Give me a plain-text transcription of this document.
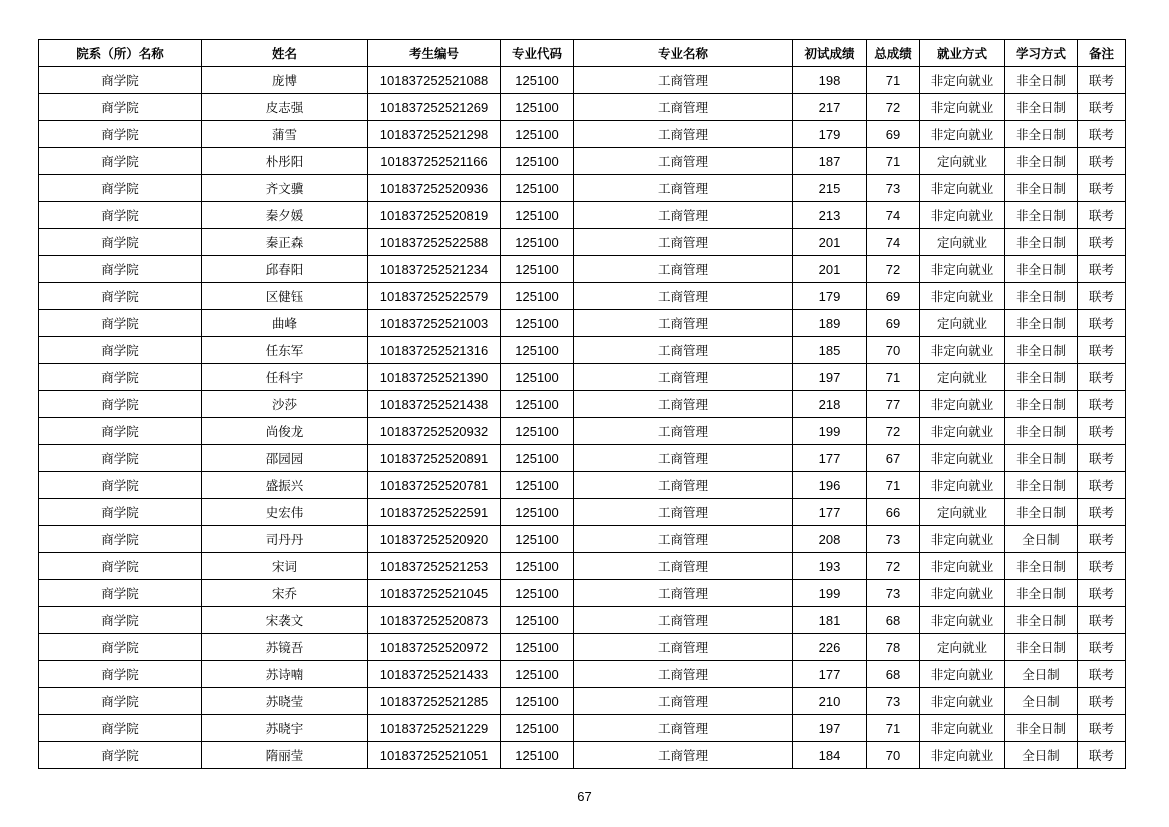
院系（所）名称	姓名	考生编号	专业代码	专业名称	初试成绩	总成绩	就业方式	学习方式	备注
商学院	庞博	101837252521088	125100	工商管理	198	71	非定向就业	非全日制	联考
商学院	皮志强	101837252521269	125100	工商管理	217	72	非定向就业	非全日制	联考
商学院	蒲雪	101837252521298	125100	工商管理	179	69	非定向就业	非全日制	联考
商学院	朴彤阳	101837252521166	125100	工商管理	187	71	定向就业	非全日制	联考
商学院	齐文骥	101837252520936	125100	工商管理	215	73	非定向就业	非全日制	联考
商学院	秦夕媛	101837252520819	125100	工商管理	213	74	非定向就业	非全日制	联考
商学院	秦正森	101837252522588	125100	工商管理	201	74	定向就业	非全日制	联考
商学院	邱春阳	101837252521234	125100	工商管理	201	72	非定向就业	非全日制	联考
商学院	区健钰	101837252522579	125100	工商管理	179	69	非定向就业	非全日制	联考
商学院	曲峰	101837252521003	125100	工商管理	189	69	定向就业	非全日制	联考
商学院	任东军	101837252521316	125100	工商管理	185	70	非定向就业	非全日制	联考
商学院	任科宇	101837252521390	125100	工商管理	197	71	定向就业	非全日制	联考
商学院	沙莎	101837252521438	125100	工商管理	218	77	非定向就业	非全日制	联考
商学院	尚俊龙	101837252520932	125100	工商管理	199	72	非定向就业	非全日制	联考
商学院	邵园园	101837252520891	125100	工商管理	177	67	非定向就业	非全日制	联考
商学院	盛振兴	101837252520781	125100	工商管理	196	71	非定向就业	非全日制	联考
商学院	史宏伟	101837252522591	125100	工商管理	177	66	定向就业	非全日制	联考
商学院	司丹丹	101837252520920	125100	工商管理	208	73	非定向就业	全日制	联考
商学院	宋词	101837252521253	125100	工商管理	193	72	非定向就业	非全日制	联考
商学院	宋乔	101837252521045	125100	工商管理	199	73	非定向就业	非全日制	联考
商学院	宋袭文	101837252520873	125100	工商管理	181	68	非定向就业	非全日制	联考
商学院	苏镜吾	101837252520972	125100	工商管理	226	78	定向就业	非全日制	联考
商学院	苏诗喃	101837252521433	125100	工商管理	177	68	非定向就业	全日制	联考
商学院	苏晓莹	101837252521285	125100	工商管理	210	73	非定向就业	全日制	联考
商学院	苏晓宇	101837252521229	125100	工商管理	197	71	非定向就业	非全日制	联考
商学院	隋丽莹	101837252521051	125100	工商管理	184	70	非定向就业	全日制	联考
67
